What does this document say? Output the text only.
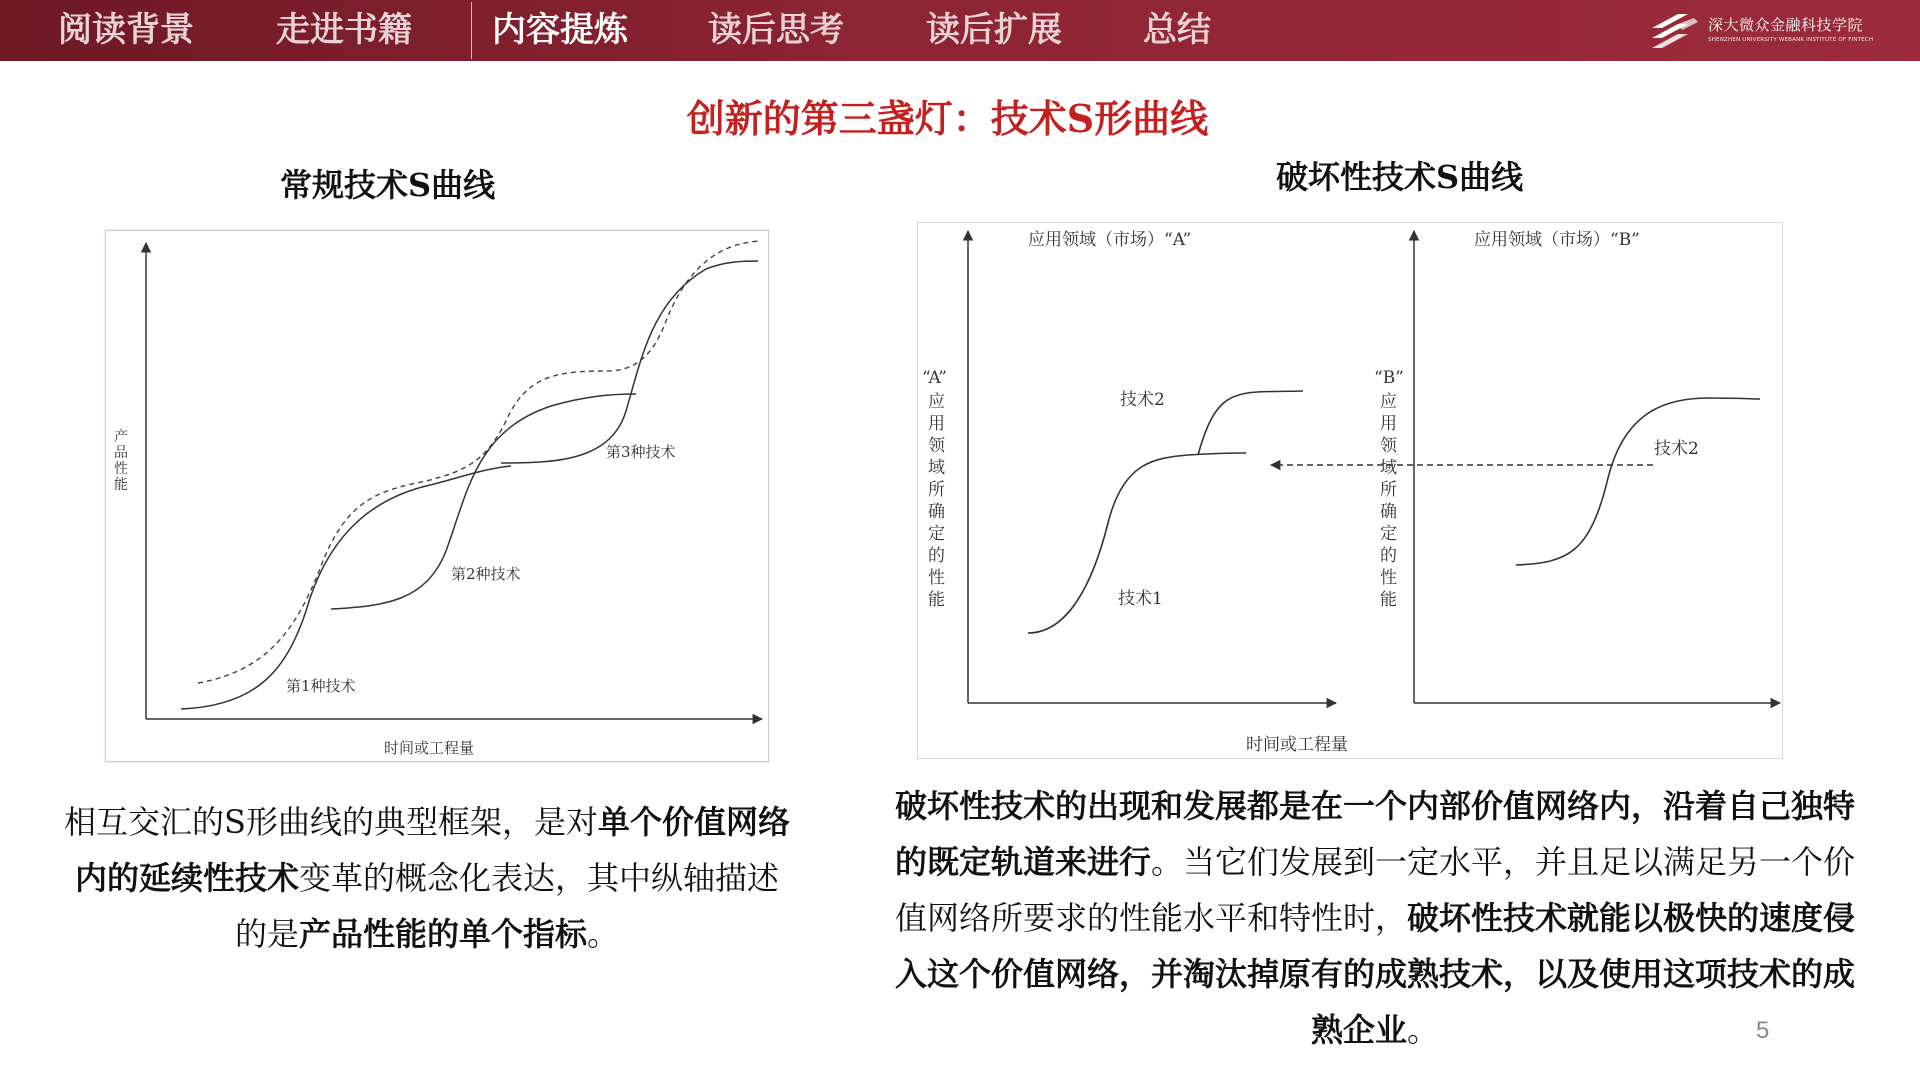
阅读背景 走进书籍 内容提炼 读后思考 读后扩展 总结	深大微众金融科技学院
SHENZHEN UNIVERSITY WEBANK INSTITUTE OF FINTECH
创新的第三盏灯：技术S形曲线
常规技术S曲线	破坏性技术S曲线
产 品 性 能
第1种技术
第2种技术
第3种技术
时间或工程量
应用领域（市场）“A”	应用领域（市场）“B”
“A” 应 用 领 域 所 确 定 的 性 能
“B” 应 用 领 域 所 确 定 的 性 能
技术2
技术1
技术2
时间或工程量
相互交汇的S形曲线的典型框架，是对单个价值网络内的延续性技术变革的概念化表达，其中纵轴描述的是产品性能的单个指标。
破坏性技术的出现和发展都是在一个内部价值网络内，沿着自己独特的既定轨道来进行。当它们发展到一定水平，并且足以满足另一个价值网络所要求的性能水平和特性时，破坏性技术就能以极快的速度侵入这个价值网络，并淘汰掉原有的成熟技术，以及使用这项技术的成熟企业。	5
